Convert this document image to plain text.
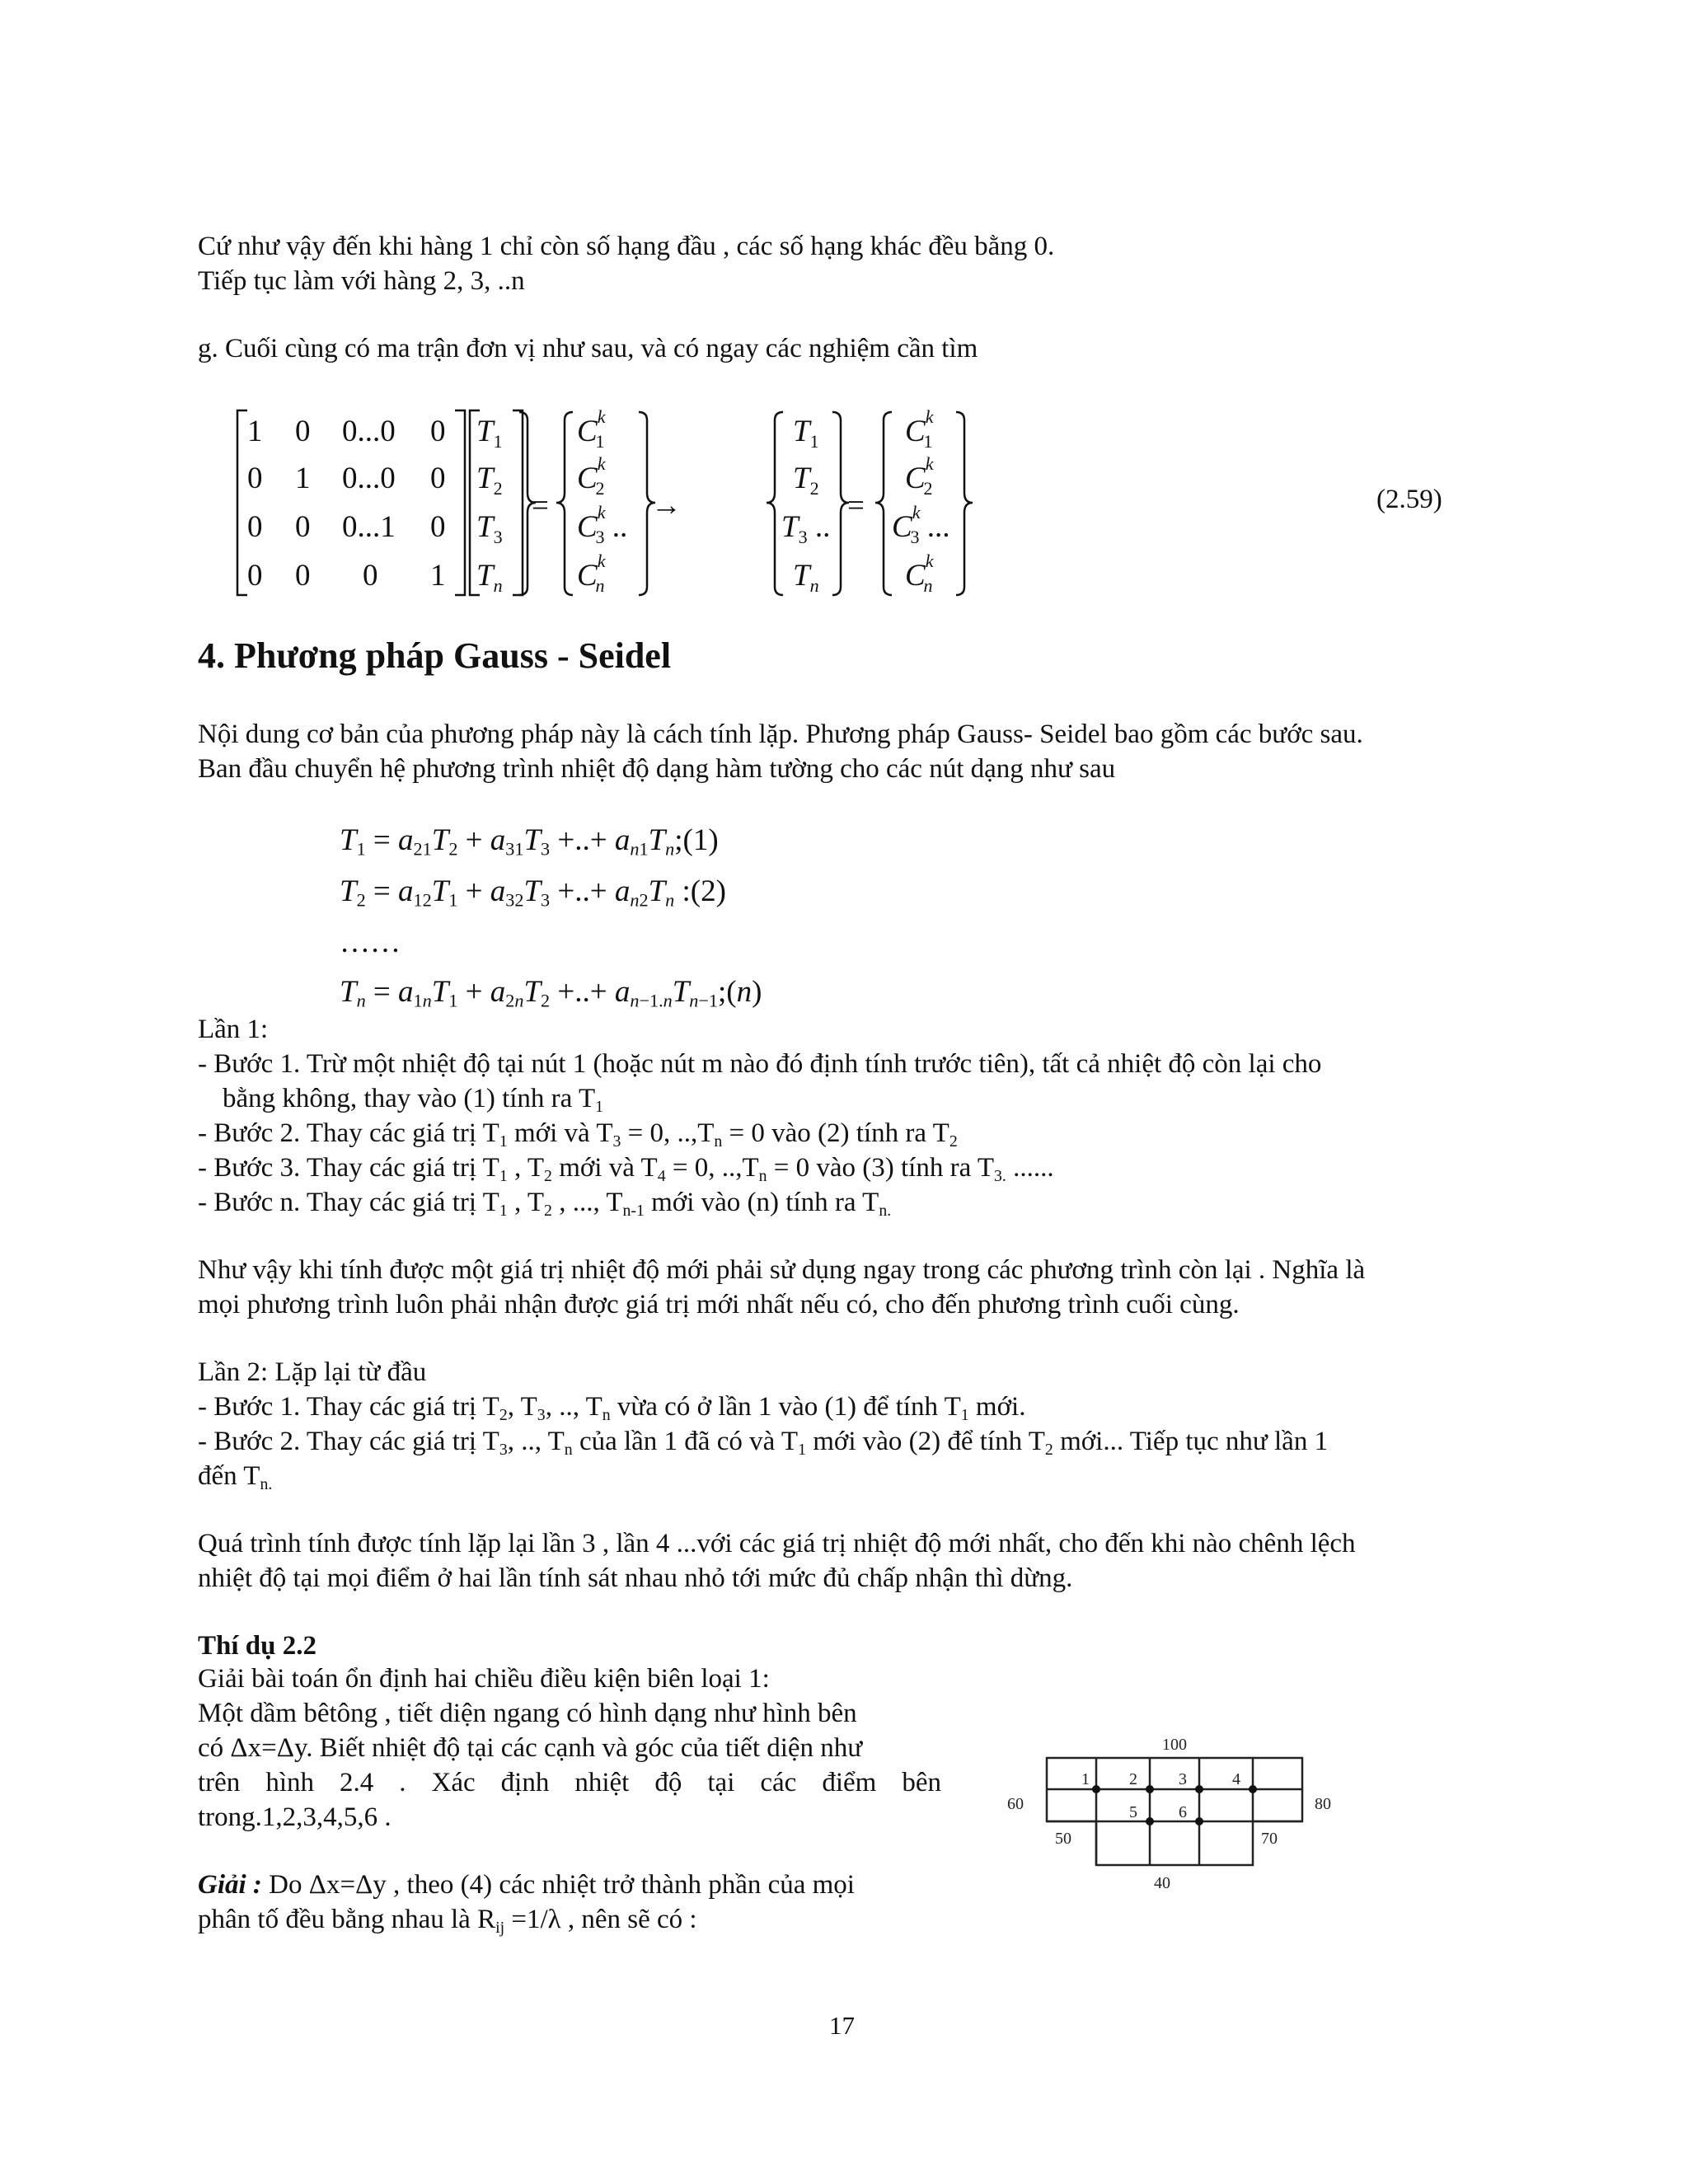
Cứ như vậy đến khi hàng 1 chỉ còn số hạng đầu , các số hạng khác đều bằng 0.
Tiếp tục làm với hàng 2, 3, ..n
g. Cuối cùng có ma trận đơn vị như sau, và có ngay các nghiệm cần tìm
1 0 0...0 0
0 1 0...0 0
0 0 0...1 0
0 0 0 1
$T_1$
$T_2$
$T_3$
$T_n$
=
$C^k$ 1
$C^k$ 2
$C^k$ 3 ..
$C^k$ n
→
$T_1$
$T_2$
$T_3$ ..
$T_n$
=
$C^k$ 1
$C^k$ 2
$C^k$ 3 ...
$C^k$ n
(2.59)
4. Phương pháp Gauss - Seidel
Nội dung cơ bản của phương pháp này là cách tính lặp. Phương pháp Gauss- Seidel bao gồm các bước sau.
Ban đầu chuyển hệ phương trình nhiệt độ dạng hàm tường cho các nút dạng như sau
$T_1 = a_{21}T_2 + a_{31}T_3$ +..+ $a_{n1}T_n;(1)$
$T_2 = a_{12}T_1 + a_{32}T_3$ +..+ $a_{n2}T_n$ :(2)
……
$T_n = a_{1n}T_1 + a_{2n}T_2$ +..+ $a_{n-1.n}T_{n-1};(n)$
Lần 1:
- Bước 1. Trừ một nhiệt độ tại nút 1 (hoặc nút m nào đó định tính trước tiên), tất cả nhiệt độ còn lại cho
bằng không, thay vào (1) tính ra $T_1$
- Bước 2. Thay các giá trị $T_1$ mới và $T_3 = 0$, $..,T_n = 0$ vào (2) tính ra $T_2$
- Bước 3. Thay các giá trị $T_1$ , $T_2$ mới và $T_4 = 0$, $..,T_n = 0$ vào (3) tính ra $T_{3.}$ ......
- Bước n. Thay các giá trị $T_1$ , $T_2$ , ..., $T_{n-1}$ mới vào (n) tính ra $T_{n.}$
Như vậy khi tính được một giá trị nhiệt độ mới phải sử dụng ngay trong các phương trình còn lại . Nghĩa là
mọi phương trình luôn phải nhận được giá trị mới nhất nếu có, cho đến phương trình cuối cùng.
Lần 2: Lặp lại từ đầu
- Bước 1. Thay các giá trị $T_2$, $T_3$, .., $T_n$ vừa có ở lần 1 vào (1) để tính $T_1$ mới.
- Bước 2. Thay các giá trị $T_3$, .., $T_n$ của lần 1 đã có và $T_1$ mới vào (2) để tính $T_2$ mới... Tiếp tục như lần 1
đến $T_{n.}$
Quá trình tính được tính lặp lại lần 3 , lần 4 ...với các giá trị nhiệt độ mới nhất, cho đến khi nào chênh lệch
nhiệt độ tại mọi điểm ở hai lần tính sát nhau nhỏ tới mức đủ chấp nhận thì dừng.
Thí dụ 2.2
Giải bài toán ổn định hai chiều điều kiện biên loại 1:
Một dầm bêtông , tiết diện ngang có hình dạng như hình bên
có Δx=Δy. Biết nhiệt độ tại các cạnh và góc của tiết diện như
trên hình 2.4 . Xác định nhiệt độ tại các điểm bên
trong.1,2,3,4,5,6 .
Giải : Do Δx=Δy , theo (4) các nhiệt trở thành phần của mọi
phân tố đều bằng nhau là $R_{ij} =1/\lambda$ , nên sẽ có :
100
60	80
40
50	70
1 2	3	4
5	6
17
